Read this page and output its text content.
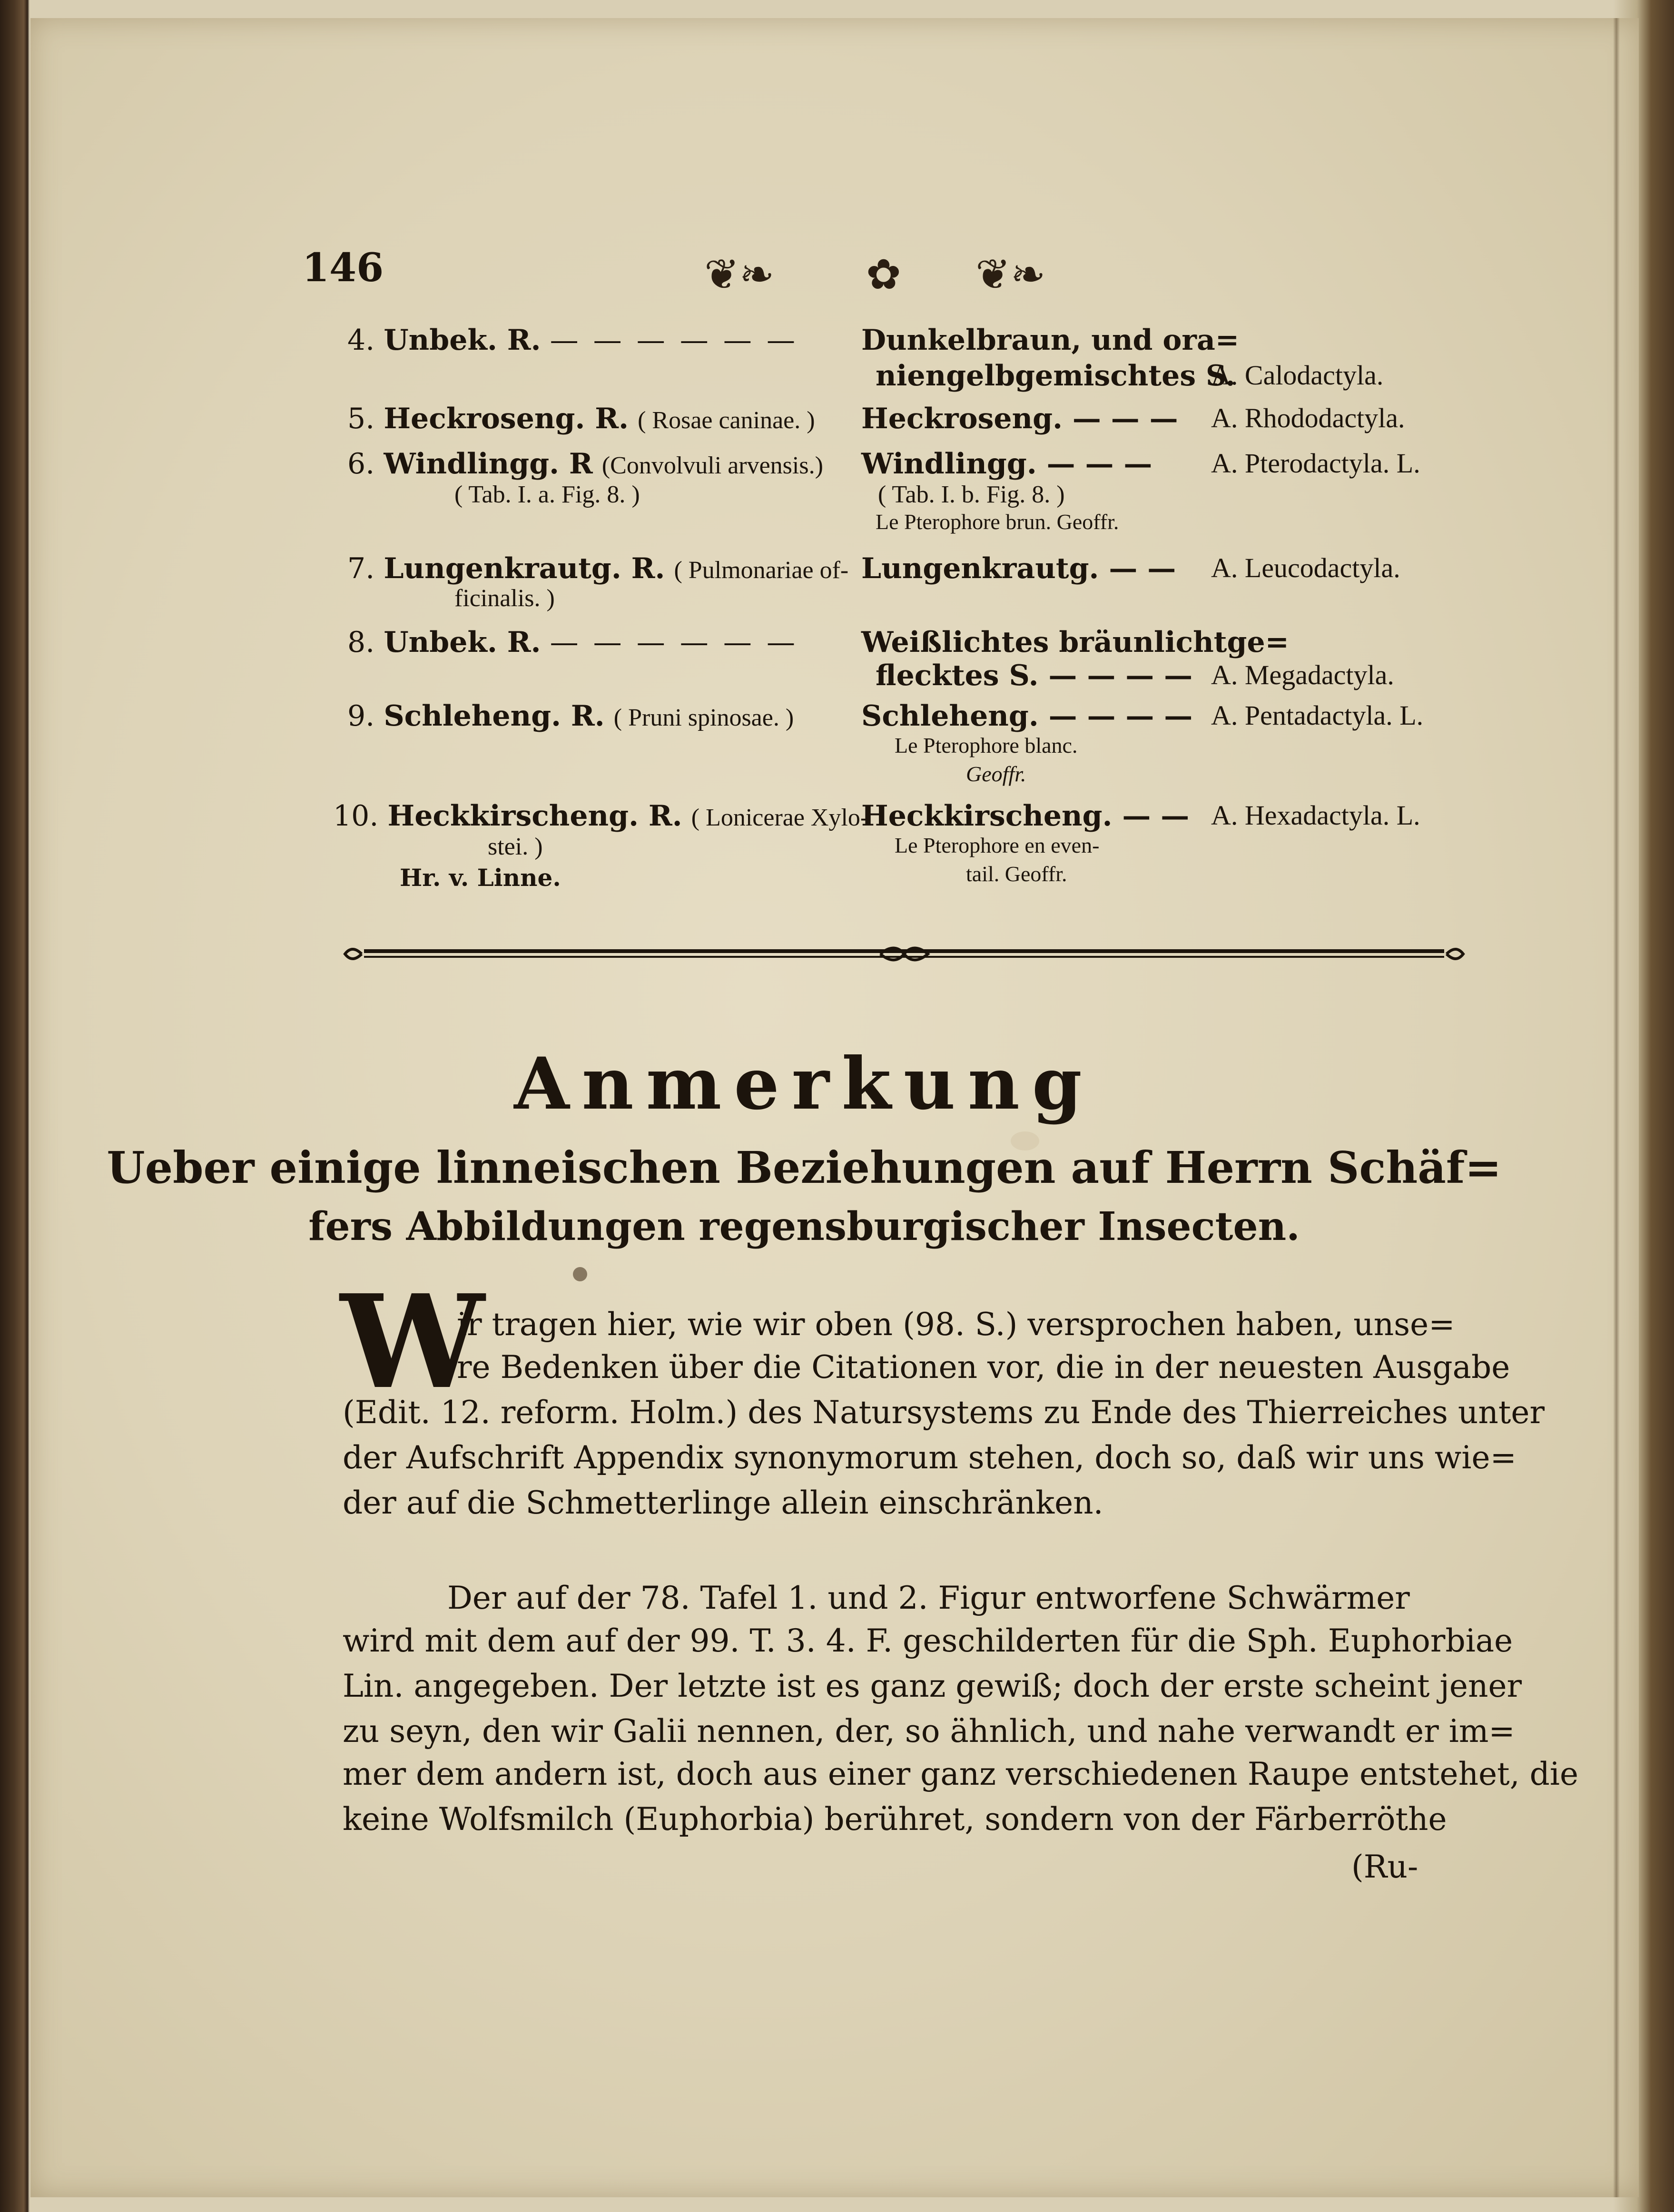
146	❦❧ ✿ ❦❧
4. Unbek. R. — — — — — — Dunkelbraun, und ora=
niengelbgemischtes S.
A. Calodactyla.
5. Heckroseng. R. ( Rosae caninae. ) Heckroseng. — — — A. Rhododactyla.
6. Windlingg. R (Convolvuli arvensis.)
( Tab. I. a. Fig. 8. )
Windlingg. — — —
( Tab. I. b. Fig. 8. )
Le Pterophore brun. Geoffr.
A. Pterodactyla. L.
7. Lungenkrautg. R. ( Pulmonariae of-
ficinalis. )
Lungenkrautg. — — A. Leucodactyla.
8. Unbek. R. — — — — — — Weißlichtes bräunlichtge=
flecktes S. — — — — A. Megadactyla.
9. Schleheng. R. ( Pruni spinosae. ) Schleheng. — — — —
Le Pterophore blanc.
Geoffr.
A. Pentadactyla. L.
10. Heckkirscheng. R. ( Lonicerae Xylo-
stei. )
Hr. v. Linne.
Heckkirscheng. — —
Le Pterophore en even-
tail. Geoffr.
A. Hexadactyla. L.
Anmerkung
Ueber einige linneischen Beziehungen auf Herrn Schäf=
fers Abbildungen regensburgischer Insecten.
W
ir tragen hier, wie wir oben (98. S.) versprochen haben, unse=
re Bedenken über die Citationen vor, die in der neuesten Ausgabe
(Edit. 12. reform. Holm.) des Natursystems zu Ende des Thierreiches unter
der Aufschrift Appendix synonymorum stehen, doch so, daß wir uns wie=
der auf die Schmetterlinge allein einschränken.
Der auf der 78. Tafel 1. und 2. Figur entworfene Schwärmer
wird mit dem auf der 99. T. 3. 4. F. geschilderten für die Sph. Euphorbiae
Lin. angegeben. Der letzte ist es ganz gewiß; doch der erste scheint jener
zu seyn, den wir Galii nennen, der, so ähnlich, und nahe verwandt er im=
mer dem andern ist, doch aus einer ganz verschiedenen Raupe entstehet, die
keine Wolfsmilch (Euphorbia) berühret, sondern von der Färberröthe
(Ru-
